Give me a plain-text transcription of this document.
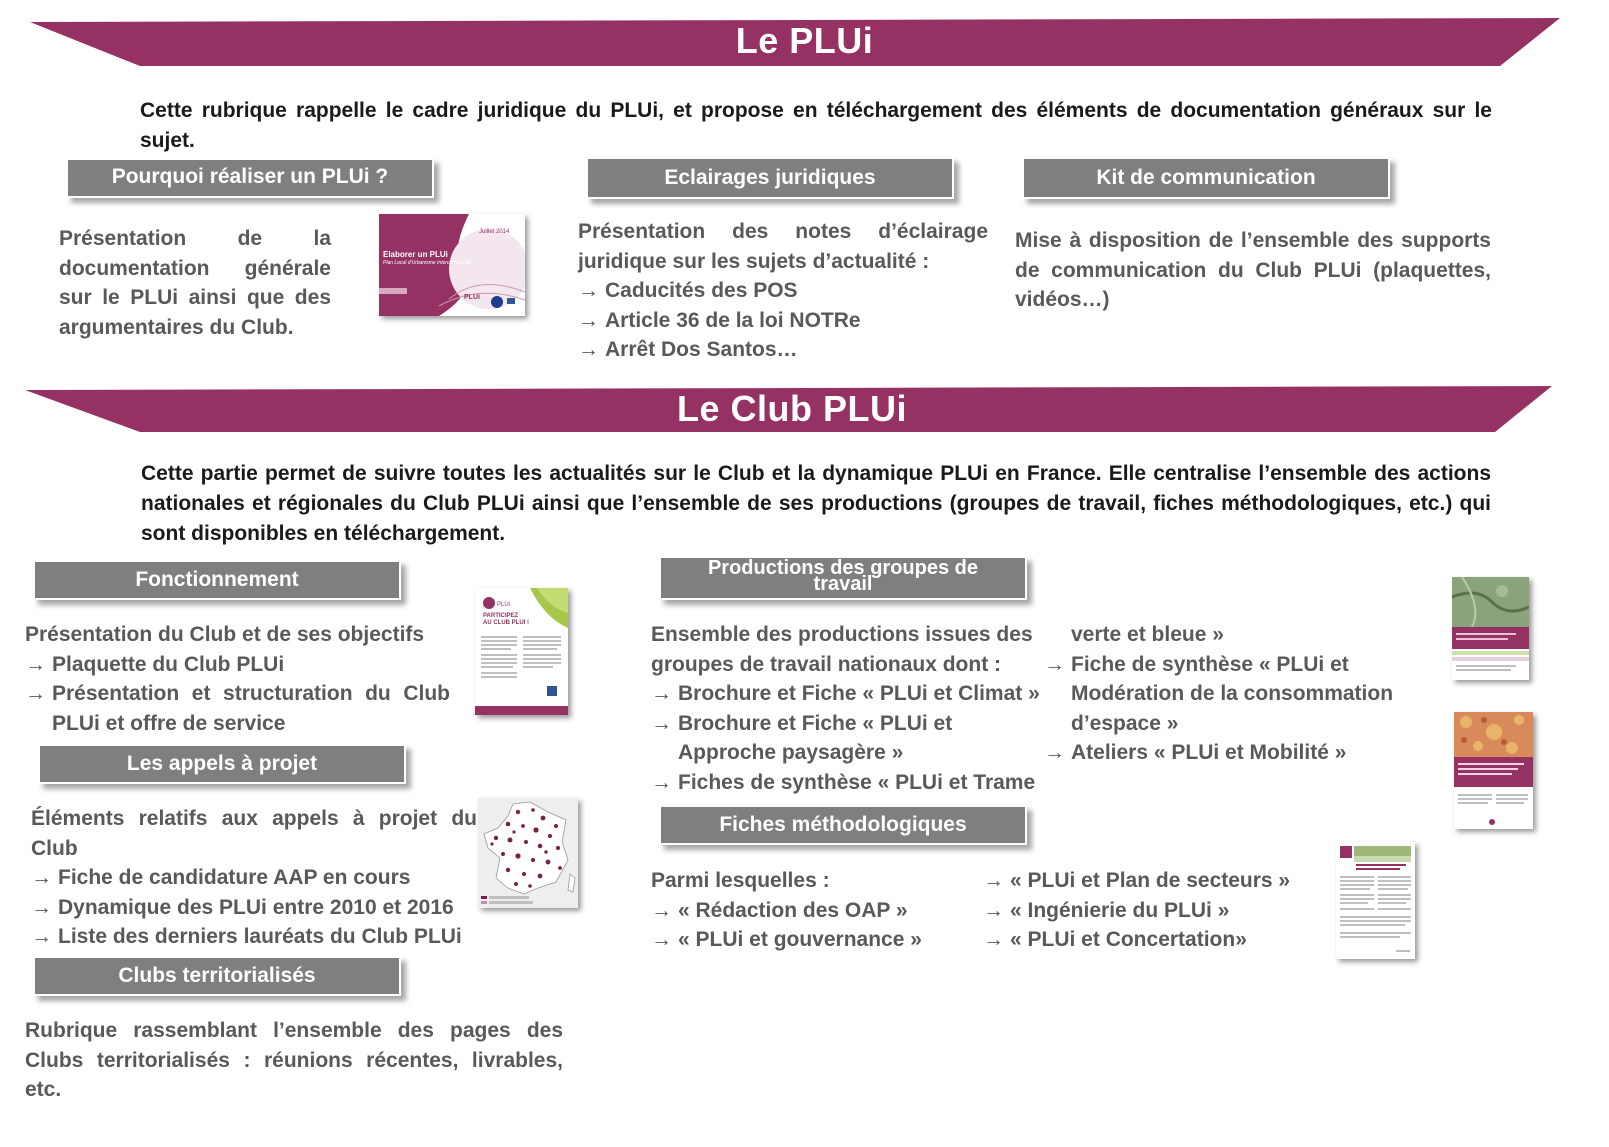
Le PLUi

Cette rubrique rappelle le cadre juridique du PLUi, et propose en téléchargement des éléments de documentation généraux sur le sujet.

Pourquoi réaliser un PLUi ?
Présentation de la
documentation générale
sur le PLUi ainsi que des
argumentaires du Club.
Juillet 2014
Elaborer un PLUi
Plan Local d'Urbanisme Intercommunal
PLUi
Eclairages juridiques
Présentation des notes d’éclairage
juridique sur les sujets d’actualité :
→ Caducités des POS
→ Article 36 de la loi NOTRe
→ Arrêt Dos Santos…
Kit de communication
Mise à disposition de l’ensemble des supports
de communication du Club PLUi (plaquettes,
vidéos…)
Le Club PLUi

Cette partie permet de suivre toutes les actualités sur le Club et la dynamique PLUi en France. Elle centralise l’ensemble des actions nationales et régionales du Club PLUi ainsi que l’ensemble de ses productions (groupes de travail, fiches méthodologiques, etc.) qui sont disponibles en téléchargement.

Fonctionnement
Présentation du Club et de ses objectifs
→ Plaquette du Club PLUi
→ Présentation et structuration du Club
PLUi et offre de service
PLUi
PARTICIPEZ
AU CLUB PLUI !
Les appels à projet
Éléments relatifs aux appels à projet du
Club
→ Fiche de candidature AAP en cours
→ Dynamique des PLUi entre 2010 et 2016
→ Liste des derniers lauréats du Club PLUi
Clubs territorialisés
Rubrique rassemblant l’ensemble des pages des
Clubs territorialisés : réunions récentes, livrables,
etc.
Productions des groupes de
travail
Ensemble des productions issues des
groupes de travail nationaux dont :
→ Brochure et Fiche « PLUi et Climat »
→ Brochure et Fiche « PLUi et
Approche paysagère »
→ Fiches de synthèse « PLUi et Trame
verte et bleue »
→ Fiche de synthèse « PLUi et
Modération de la consommation
d’espace »
→ Ateliers « PLUi et Mobilité »
Fiches méthodologiques
Parmi lesquelles :
→ « Rédaction des OAP »
→ « PLUi et gouvernance »
→ « PLUi et Plan de secteurs »
→ « Ingénierie du PLUi »
→ « PLUi et Concertation»
